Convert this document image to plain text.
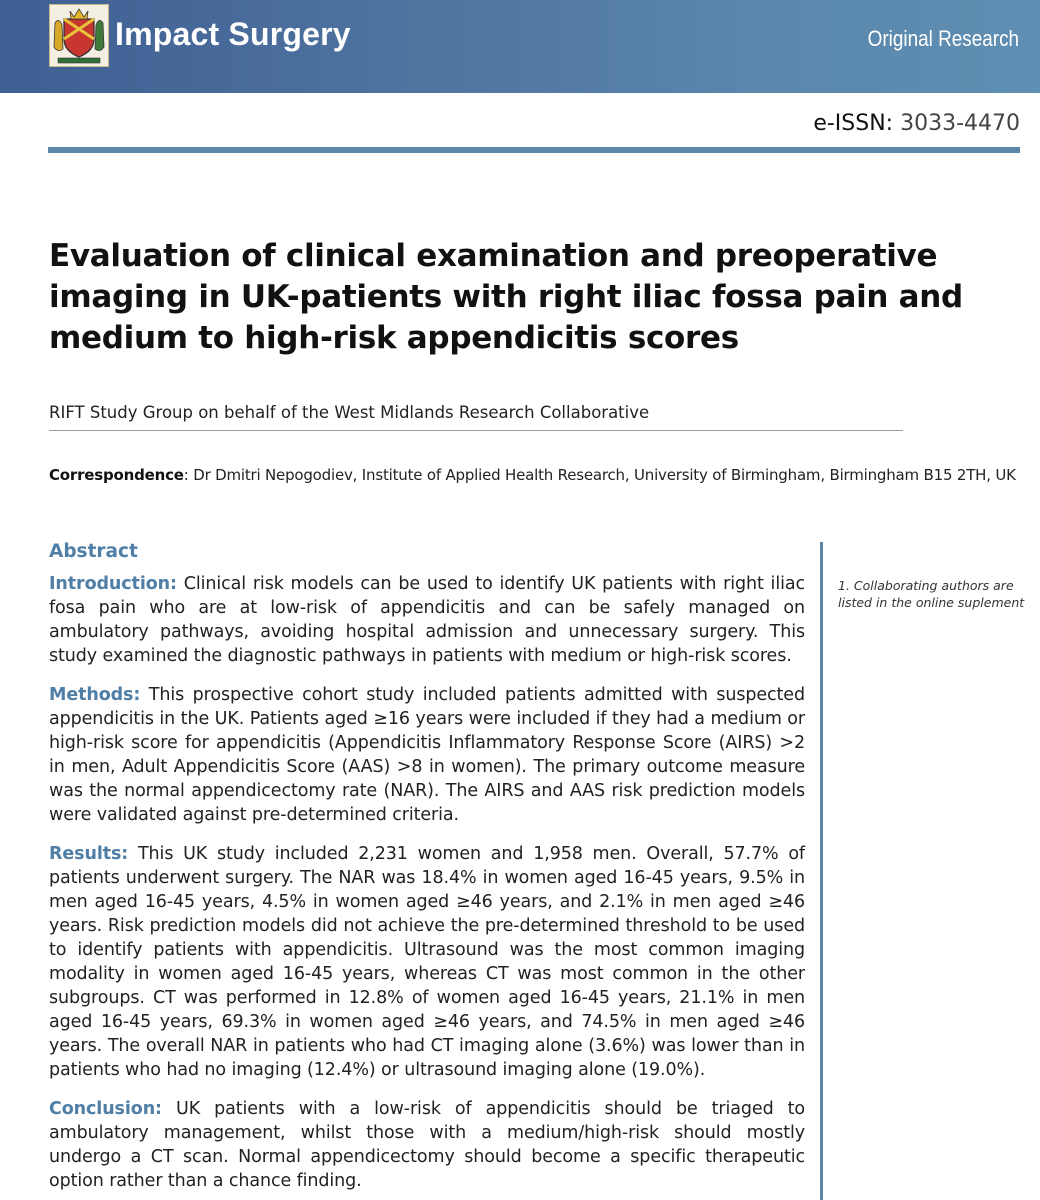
Impact Surgery	Original Research
e-ISSN: 3033-4470
Evaluation of clinical examination and preoperative imaging in UK-patients with right iliac fossa pain and medium to high-risk appendicitis scores
RIFT Study Group on behalf of the West Midlands Research Collaborative
Correspondence: Dr Dmitri Nepogodiev, Institute of Applied Health Research, University of Birmingham, Birmingham B15 2TH, UK
Abstract

Introduction: Clinical risk models can be used to identify UK patients with right iliac fosa pain who are at low-risk of appendicitis and can be safely managed on ambulatory pathways, avoiding hospital admission and unnecessary surgery. This study examined the diagnostic pathways in patients with medium or high-risk scores.

Methods: This prospective cohort study included patients admitted with suspected appendicitis in the UK. Patients aged ≥16 years were included if they had a medium or high-risk score for appendicitis (Appendicitis Inflammatory Response Score (AIRS) >2 in men, Adult Appendicitis Score (AAS) >8 in women). The primary outcome measure was the normal appendicectomy rate (NAR). The AIRS and AAS risk prediction models were validated against pre-determined criteria.

Results: This UK study included 2,231 women and 1,958 men. Overall, 57.7% of patients underwent surgery. The NAR was 18.4% in women aged 16-45 years, 9.5% in men aged 16-45 years, 4.5% in women aged ≥46 years, and 2.1% in men aged ≥46 years. Risk prediction models did not achieve the pre-determined threshold to be used to identify patients with appendicitis. Ultrasound was the most common imaging modality in women aged 16-45 years, whereas CT was most common in the other subgroups. CT was performed in 12.8% of women aged 16-45 years, 21.1% in men aged 16-45 years, 69.3% in women aged ≥46 years, and 74.5% in men aged ≥46 years. The overall NAR in patients who had CT imaging alone (3.6%) was lower than in patients who had no imaging (12.4%) or ultrasound imaging alone (19.0%).

Conclusion: UK patients with a low-risk of appendicitis should be triaged to ambulatory management, whilst those with a medium/high-risk should mostly undergo a CT scan. Normal appendicectomy should become a specific therapeutic option rather than a chance finding.

1. Collaborating authors are listed in the online suplement
